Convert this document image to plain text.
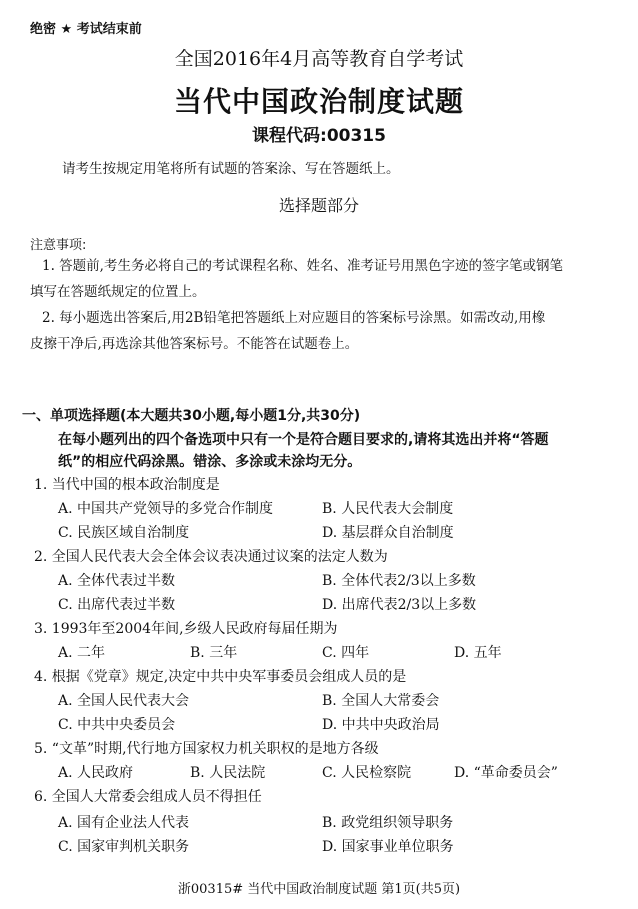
绝密 ★ 考试结束前
全国2016年4月高等教育自学考试
当代中国政治制度试题
课程代码:00315
请考生按规定用笔将所有试题的答案涂、写在答题纸上。
选择题部分
注意事项:
1. 答题前,考生务必将自己的考试课程名称、姓名、准考证号用黑色字迹的签字笔或钢笔
填写在答题纸规定的位置上。
2. 每小题选出答案后,用2B铅笔把答题纸上对应题目的答案标号涂黑。如需改动,用橡
皮擦干净后,再选涂其他答案标号。不能答在试题卷上。
一、单项选择题(本大题共30小题,每小题1分,共30分)
在每小题列出的四个备选项中只有一个是符合题目要求的,请将其选出并将“答题
纸”的相应代码涂黑。错涂、多涂或未涂均无分。
1. 当代中国的根本政治制度是
A. 中国共产党领导的多党合作制度	B. 人民代表大会制度
C. 民族区域自治制度	D. 基层群众自治制度
2. 全国人民代表大会全体会议表决通过议案的法定人数为
A. 全体代表过半数	B. 全体代表2/3以上多数
C. 出席代表过半数	D. 出席代表2/3以上多数
3. 1993年至2004年间,乡级人民政府每届任期为
A. 二年	B. 三年	C. 四年	D. 五年
4. 根据《党章》规定,决定中共中央军事委员会组成人员的是
A. 全国人民代表大会	B. 全国人大常委会
C. 中共中央委员会	D. 中共中央政治局
5. “文革”时期,代行地方国家权力机关职权的是地方各级
A. 人民政府	B. 人民法院	C. 人民检察院	D. “革命委员会”
6. 全国人大常委会组成人员不得担任
A. 国有企业法人代表	B. 政党组织领导职务
C. 国家审判机关职务	D. 国家事业单位职务
浙00315# 当代中国政治制度试题 第1页(共5页)
